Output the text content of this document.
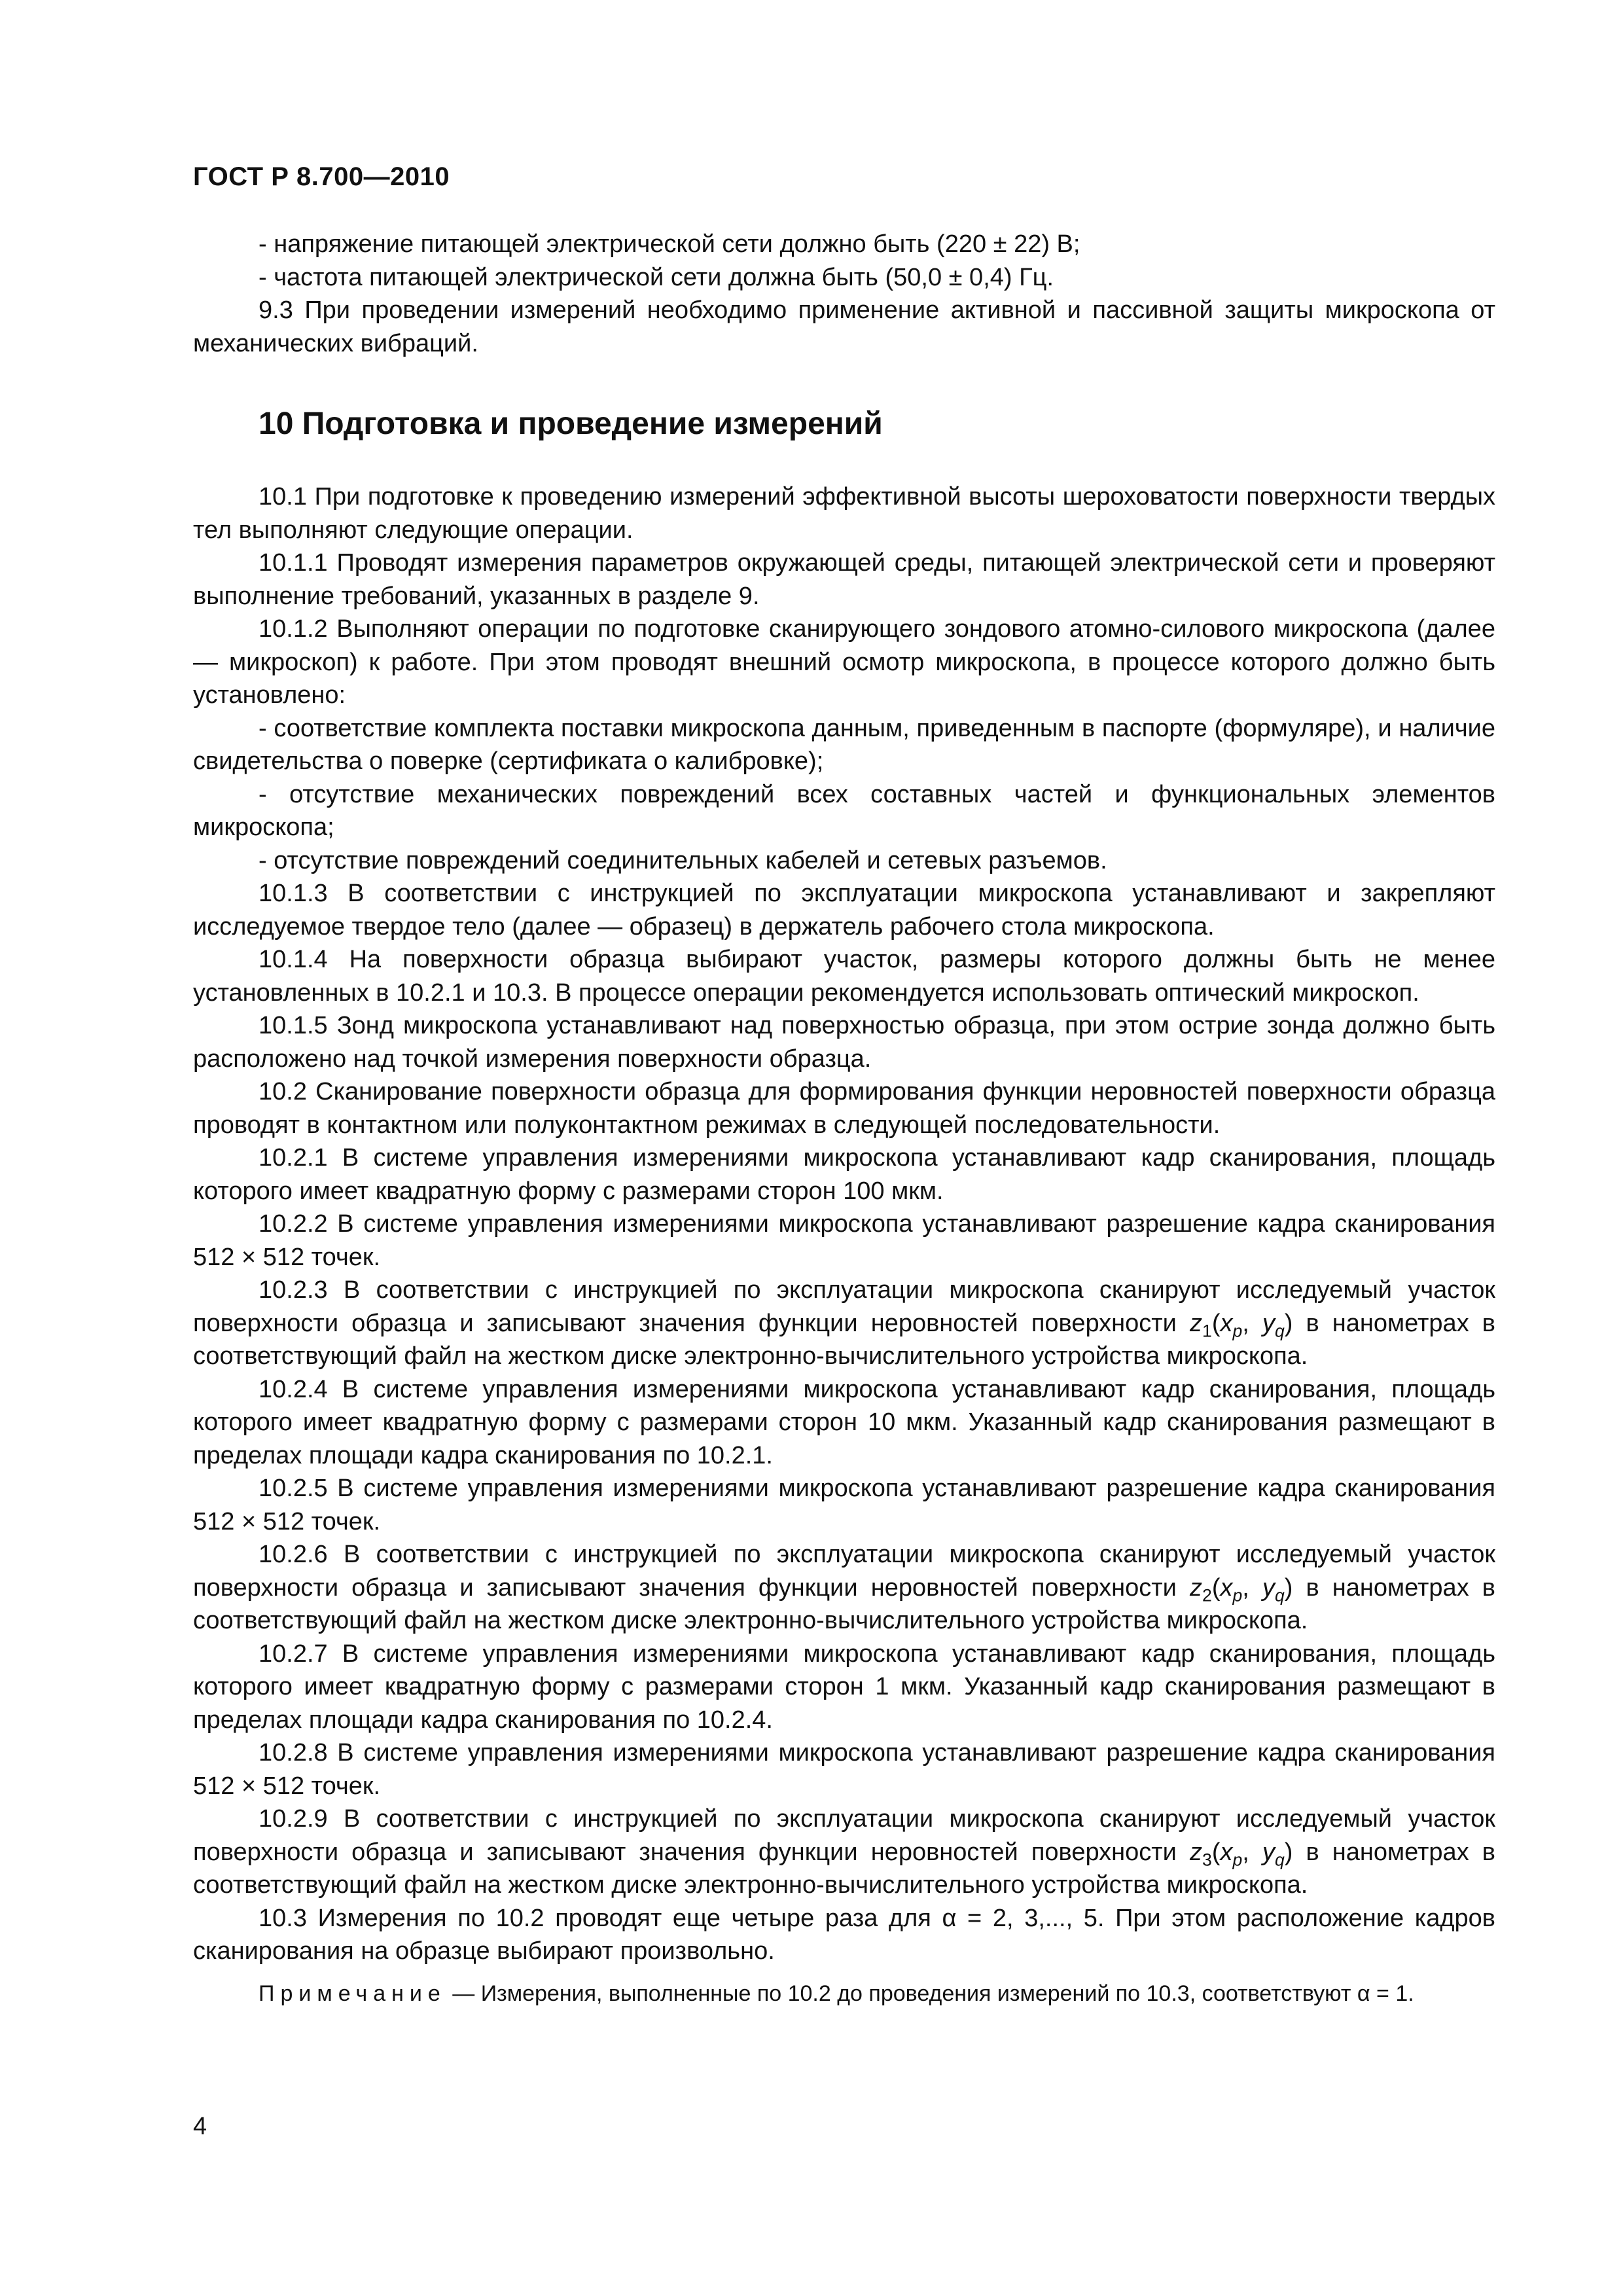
ГОСТ Р 8.700—2010

- напряжение питающей электрической сети должно быть (220 ± 22) В;

- частота питающей электрической сети должна быть (50,0 ± 0,4) Гц.

9.3 При проведении измерений необходимо применение активной и пассивной защиты микроскопа от механических вибраций.

10 Подготовка и проведение измерений

10.1 При подготовке к проведению измерений эффективной высоты шероховатости поверхности твердых тел выполняют следующие операции.

10.1.1 Проводят измерения параметров окружающей среды, питающей электрической сети и проверяют выполнение требований, указанных в разделе 9.

10.1.2 Выполняют операции по подготовке сканирующего зондового атомно-силового микроскопа (далее — микроскоп) к работе. При этом проводят внешний осмотр микроскопа, в процессе которого должно быть установлено:

- соответствие комплекта поставки микроскопа данным, приведенным в паспорте (формуляре), и наличие свидетельства о поверке (сертификата о калибровке);

- отсутствие механических повреждений всех составных частей и функциональных элементов микроскопа;

- отсутствие повреждений соединительных кабелей и сетевых разъемов.

10.1.3 В соответствии с инструкцией по эксплуатации микроскопа устанавливают и закрепляют исследуемое твердое тело (далее — образец) в держатель рабочего стола микроскопа.

10.1.4 На поверхности образца выбирают участок, размеры которого должны быть не менее установленных в 10.2.1 и 10.3. В процессе операции рекомендуется использовать оптический микроскоп.

10.1.5 Зонд микроскопа устанавливают над поверхностью образца, при этом острие зонда должно быть расположено над точкой измерения поверхности образца.

10.2 Сканирование поверхности образца для формирования функции неровностей поверхности образца проводят в контактном или полуконтактном режимах в следующей последовательности.

10.2.1 В системе управления измерениями микроскопа устанавливают кадр сканирования, площадь которого имеет квадратную форму с размерами сторон 100 мкм.

10.2.2 В системе управления измерениями микроскопа устанавливают разрешение кадра сканирования 512 × 512 точек.

10.2.3 В соответствии с инструкцией по эксплуатации микроскопа сканируют исследуемый участок поверхности образца и записывают значения функции неровностей поверхности $z_1(x_p$, $y_q$) в нанометрах в соответствующий файл на жестком диске электронно-вычислительного устройства микроскопа.

10.2.4 В системе управления измерениями микроскопа устанавливают кадр сканирования, площадь которого имеет квадратную форму с размерами сторон 10 мкм. Указанный кадр сканирования размещают в пределах площади кадра сканирования по 10.2.1.

10.2.5 В системе управления измерениями микроскопа устанавливают разрешение кадра сканирования 512 × 512 точек.

10.2.6 В соответствии с инструкцией по эксплуатации микроскопа сканируют исследуемый участок поверхности образца и записывают значения функции неровностей поверхности $z_2(x_p$, $y_q$) в нанометрах в соответствующий файл на жестком диске электронно-вычислительного устройства микроскопа.

10.2.7 В системе управления измерениями микроскопа устанавливают кадр сканирования, площадь которого имеет квадратную форму с размерами сторон 1 мкм. Указанный кадр сканирования размещают в пределах площади кадра сканирования по 10.2.4.

10.2.8 В системе управления измерениями микроскопа устанавливают разрешение кадра сканирования 512 × 512 точек.

10.2.9 В соответствии с инструкцией по эксплуатации микроскопа сканируют исследуемый участок поверхности образца и записывают значения функции неровностей поверхности $z_3(x_p$, $y_q$) в нанометрах в соответствующий файл на жестком диске электронно-вычислительного устройства микроскопа.

10.3 Измерения по 10.2 проводят еще четыре раза для α = 2, 3,..., 5. При этом расположение кадров сканирования на образце выбирают произвольно.

Примечание — Измерения, выполненные по 10.2 до проведения измерений по 10.3, соответствуют α = 1.

4
